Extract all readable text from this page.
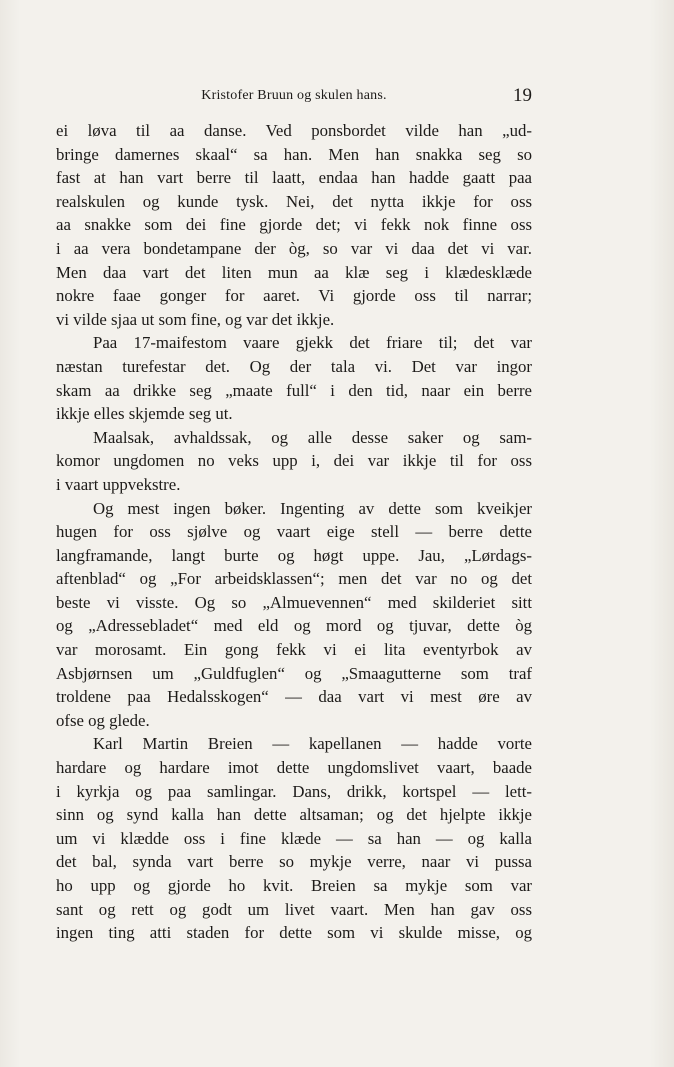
Kristofer Bruun og skulen hans.	19

ei løva til aa danse. Ved ponsbordet vilde han „ud-

bringe damernes skaal“ sa han. Men han snakka seg so

fast at han vart berre til laatt, endaa han hadde gaatt paa

realskulen og kunde tysk. Nei, det nytta ikkje for oss

aa snakke som dei fine gjorde det; vi fekk nok finne oss

i aa vera bondetampane der òg, so var vi daa det vi var.

Men daa vart det liten mun aa klæ seg i klædesklæde

nokre faae gonger for aaret. Vi gjorde oss til narrar;

vi vilde sjaa ut som fine, og var det ikkje.

Paa 17-maifestom vaare gjekk det friare til; det var

næstan turefestar det. Og der tala vi. Det var ingor

skam aa drikke seg „maate full“ i den tid, naar ein berre

ikkje elles skjemde seg ut.

Maalsak, avhaldssak, og alle desse saker og sam-

komor ungdomen no veks upp i, dei var ikkje til for oss

i vaart uppvekstre.

Og mest ingen bøker. Ingenting av dette som kveikjer

hugen for oss sjølve og vaart eige stell — berre dette

langframande, langt burte og høgt uppe. Jau, „Lørdags-

aftenblad“ og „For arbeidsklassen“; men det var no og det

beste vi visste. Og so „Almuevennen“ med skilderiet sitt

og „Adressebladet“ med eld og mord og tjuvar, dette òg

var morosamt. Ein gong fekk vi ei lita eventyrbok av

Asbjørnsen um „Guldfuglen“ og „Smaagutterne som traf

troldene paa Hedalsskogen“ — daa vart vi mest øre av

ofse og glede.

Karl Martin Breien — kapellanen — hadde vorte

hardare og hardare imot dette ungdomslivet vaart, baade

i kyrkja og paa samlingar. Dans, drikk, kortspel — lett-

sinn og synd kalla han dette altsaman; og det hjelpte ikkje

um vi klædde oss i fine klæde — sa han — og kalla

det bal, synda vart berre so mykje verre, naar vi pussa

ho upp og gjorde ho kvit. Breien sa mykje som var

sant og rett og godt um livet vaart. Men han gav oss

ingen ting atti staden for dette som vi skulde misse, og
